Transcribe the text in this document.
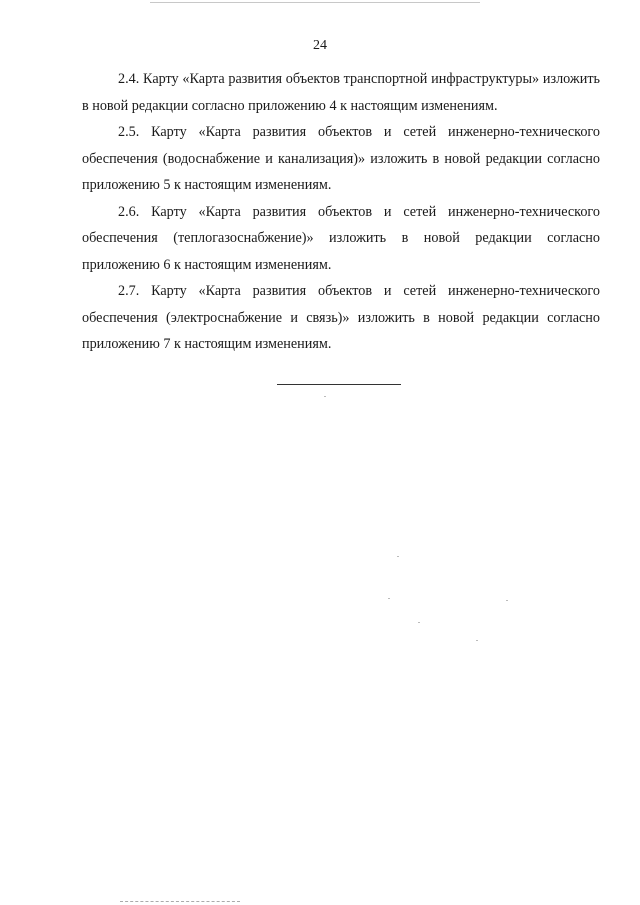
24

2.4. Карту «Карта развития объектов транспортной инфраструктуры» изложить в новой редакции согласно приложению 4 к настоящим изменениям.

2.5. Карту «Карта развития объектов и сетей инженерно-технического обеспечения (водоснабжение и канализация)» изложить в новой редакции согласно приложению 5 к настоящим изменениям.

2.6. Карту «Карта развития объектов и сетей инженерно-технического обеспечения (теплогазоснабжение)» изложить в новой редакции согласно приложению 6 к настоящим изменениям.

2.7. Карту «Карта развития объектов и сетей инженерно-технического обеспечения (электроснабжение и связь)» изложить в новой редакции согласно приложению 7 к настоящим изменениям.
